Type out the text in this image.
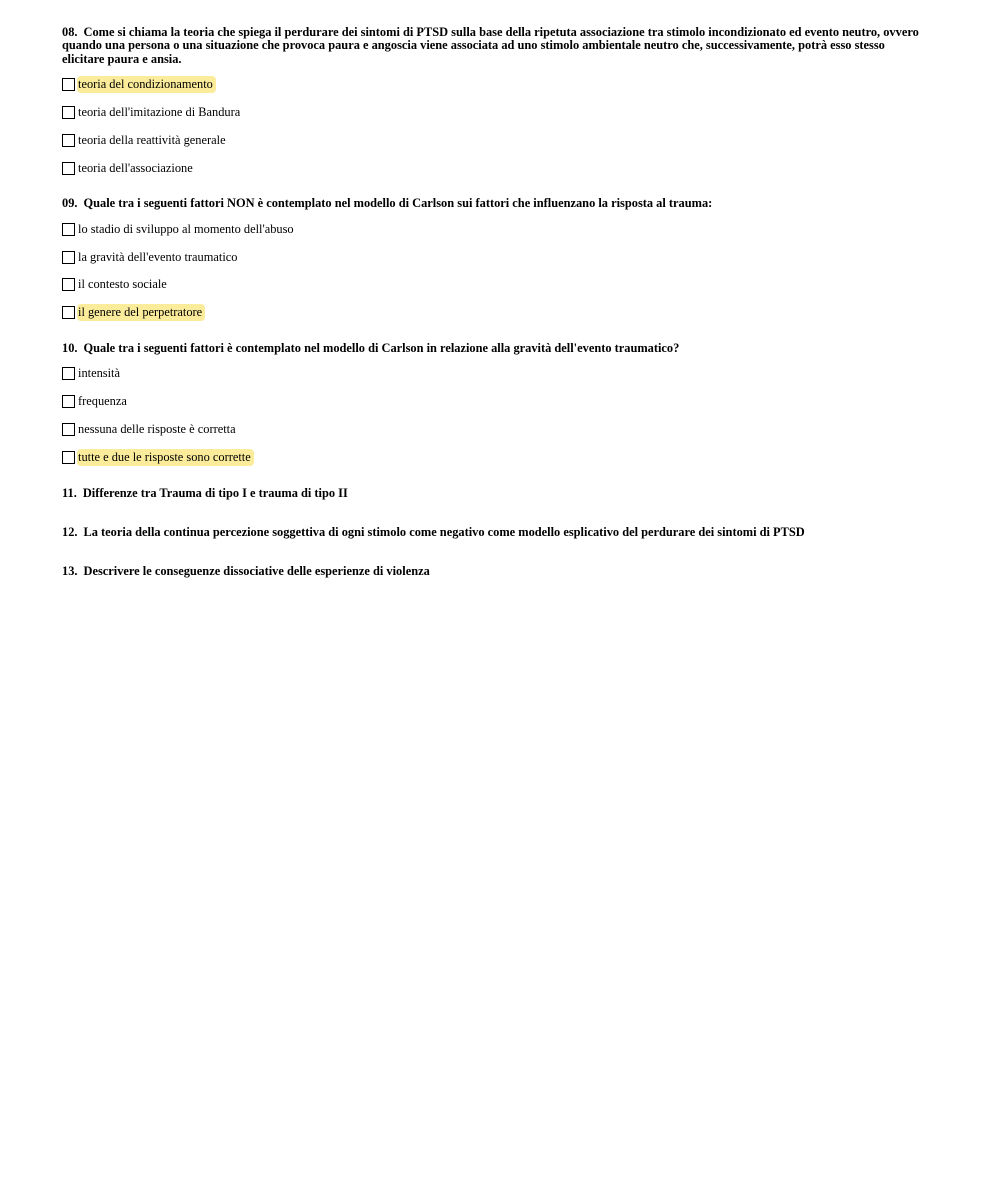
08. Come si chiama la teoria che spiega il perdurare dei sintomi di PTSD sulla base della ripetuta associazione tra stimolo incondizionato ed evento neutro, ovvero quando una persona o una situazione che provoca paura e angoscia viene associata ad uno stimolo ambientale neutro che, successivamente, potrà esso stesso elicitare paura e ansia.

teoria del condizionamento
teoria dell'imitazione di Bandura
teoria della reattività generale
teoria dell'associazione

09. Quale tra i seguenti fattori NON è contemplato nel modello di Carlson sui fattori che influenzano la risposta al trauma:

lo stadio di sviluppo al momento dell'abuso
la gravità dell'evento traumatico
il contesto sociale
il genere del perpetratore

10. Quale tra i seguenti fattori è contemplato nel modello di Carlson in relazione alla gravità dell'evento traumatico?

intensità
frequenza
nessuna delle risposte è corretta
tutte e due le risposte sono corrette

11. Differenze tra Trauma di tipo I e trauma di tipo II

12. La teoria della continua percezione soggettiva di ogni stimolo come negativo come modello esplicativo del perdurare dei sintomi di PTSD

13. Descrivere le conseguenze dissociative delle esperienze di violenza
